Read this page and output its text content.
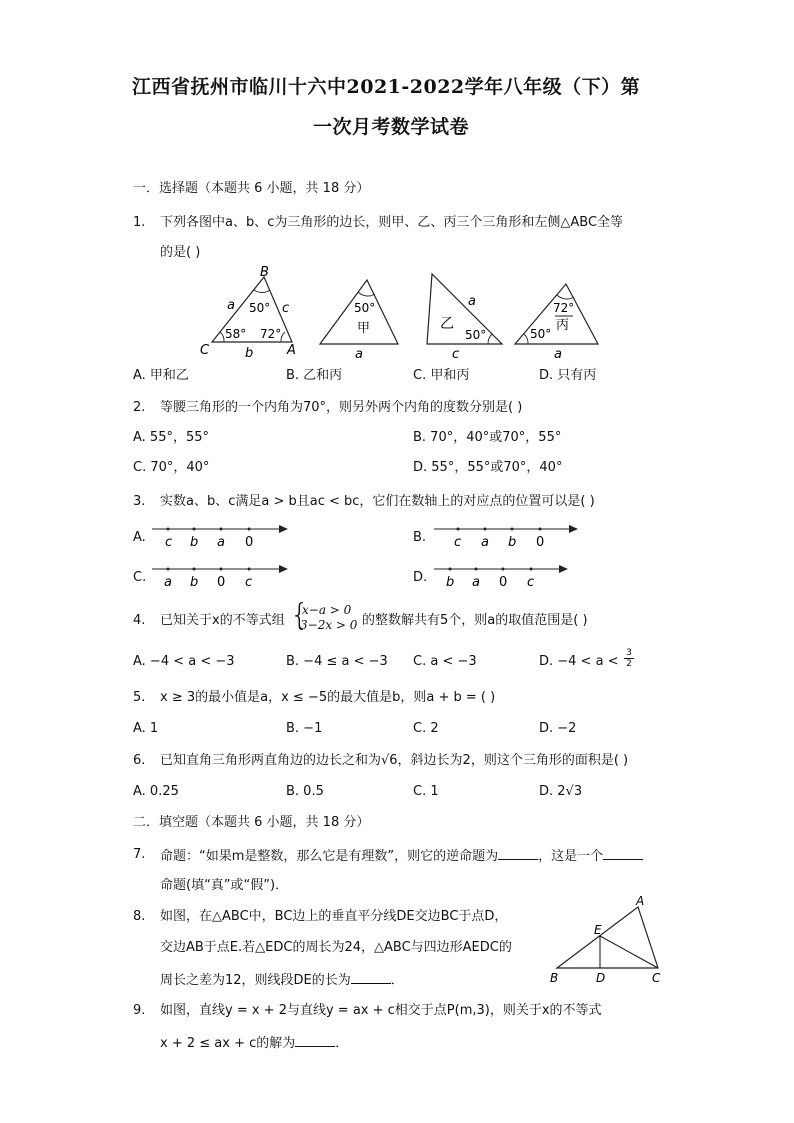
江西省抚州市临川十六中2021-2022学年八年级（下）第
一次月考数学试卷
一．选择题（本题共 6 小题，共 18 分）
1. 下列各图中a、b、c为三角形的边长，则甲、乙、丙三个三角形和左侧△ABC全等
的是( )
B
C	A
a
b
c
50°
58° 72°
50°
甲
a
乙
a
50°
c
72°
丙
50°
a
A. 甲和乙	B. 乙和丙	C. 甲和丙	D. 只有丙
2. 等腰三角形的一个内角为70°，则另外两个内角的度数分别是( )
A. 55°，55°	B. 70°，40°或70°，55°
C. 70°，40°	D. 55°，55°或70°，40°
3. 实数a、b、c满足a > b且ac < bc，它们在数轴上的对应点的位置可以是( )
A. c b a 0	B. c a b 0
C. a b 0 c	D. b a 0 c
4. 已知关于x的不等式组 {
x−a > 0
3−2x > 0 的整数解共有5个，则a的取值范围是( )
A. −4 < a < −3	B. −4 ≤ a < −3 C. a < −3	D. $-4 < a < \frac{3}{2}$
5. x ≥ 3的最小值是a，x ≤ −5的最大值是b，则a + b = ( )
A. 1	B. −1	C. 2	D. −2
6. 已知直角三角形两直角边的边长之和为√6，斜边长为2，则这个三角形的面积是( )
A. 0.25	B. 0.5	C. 1	D. 2√3
二．填空题（本题共 6 小题，共 18 分）
7. 命题：“如果m是整数，那么它是有理数”，则它的逆命题为	，这是一个
命题(填“真”或“假”)．
8. 如图，在△ABC中，BC边上的垂直平分线DE交边BC于点D，
交边AB于点E.若△EDC的周长为24，△ABC与四边形AEDC的
周长之差为12，则线段DE的长为	．
A
B	C
D
E
9. 如图，直线y = x + 2与直线y = ax + c相交于点P(m,3)，则关于x的不等式
x + 2 ≤ ax + c的解为	．
